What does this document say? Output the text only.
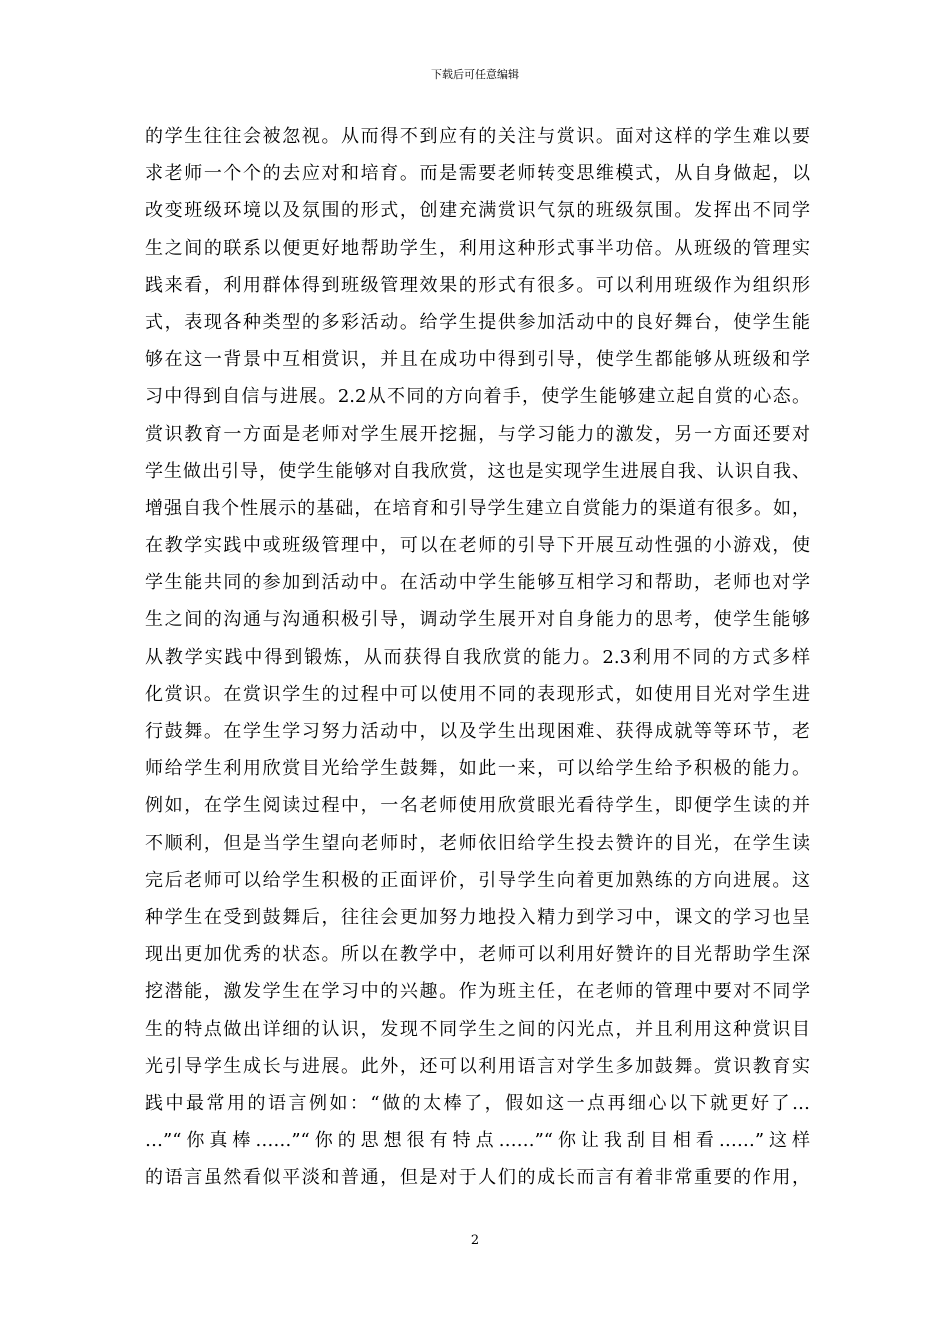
下载后可任意编辑
的学生往往会被忽视。从而得不到应有的关注与赏识。面对这样的学生难以要
求老师一个个的去应对和培育。而是需要老师转变思维模式，从自身做起，以
改变班级环境以及氛围的形式，创建充满赏识气氛的班级氛围。发挥出不同学
生之间的联系以便更好地帮助学生，利用这种形式事半功倍。从班级的管理实
践来看，利用群体得到班级管理效果的形式有很多。可以利用班级作为组织形
式，表现各种类型的多彩活动。给学生提供参加活动中的良好舞台，使学生能
够在这一背景中互相赏识，并且在成功中得到引导，使学生都能够从班级和学
习中得到自信与进展。2.2从不同的方向着手，使学生能够建立起自赏的心态。
赏识教育一方面是老师对学生展开挖掘，与学习能力的激发，另一方面还要对
学生做出引导，使学生能够对自我欣赏，这也是实现学生进展自我、认识自我、
增强自我个性展示的基础，在培育和引导学生建立自赏能力的渠道有很多。如，
在教学实践中或班级管理中，可以在老师的引导下开展互动性强的小游戏，使
学生能共同的参加到活动中。在活动中学生能够互相学习和帮助，老师也对学
生之间的沟通与沟通积极引导，调动学生展开对自身能力的思考，使学生能够
从教学实践中得到锻炼，从而获得自我欣赏的能力。2.3利用不同的方式多样
化赏识。在赏识学生的过程中可以使用不同的表现形式，如使用目光对学生进
行鼓舞。在学生学习努力活动中，以及学生出现困难、获得成就等等环节，老
师给学生利用欣赏目光给学生鼓舞，如此一来，可以给学生给予积极的能力。
例如，在学生阅读过程中，一名老师使用欣赏眼光看待学生，即便学生读的并
不顺利，但是当学生望向老师时，老师依旧给学生投去赞许的目光，在学生读
完后老师可以给学生积极的正面评价，引导学生向着更加熟练的方向进展。这
种学生在受到鼓舞后，往往会更加努力地投入精力到学习中，课文的学习也呈
现出更加优秀的状态。所以在教学中，老师可以利用好赞许的目光帮助学生深
挖潜能，激发学生在学习中的兴趣。作为班主任，在老师的管理中要对不同学
生的特点做出详细的认识，发现不同学生之间的闪光点，并且利用这种赏识目
光引导学生成长与进展。此外，还可以利用语言对学生多加鼓舞。赏识教育实
践中最常用的语言例如：“做的太棒了，假如这一点再细心以下就更好了…
…”“你真棒……”“你的思想很有特点……”“你让我刮目相看……”这样
的语言虽然看似平淡和普通，但是对于人们的成长而言有着非常重要的作用，
2
